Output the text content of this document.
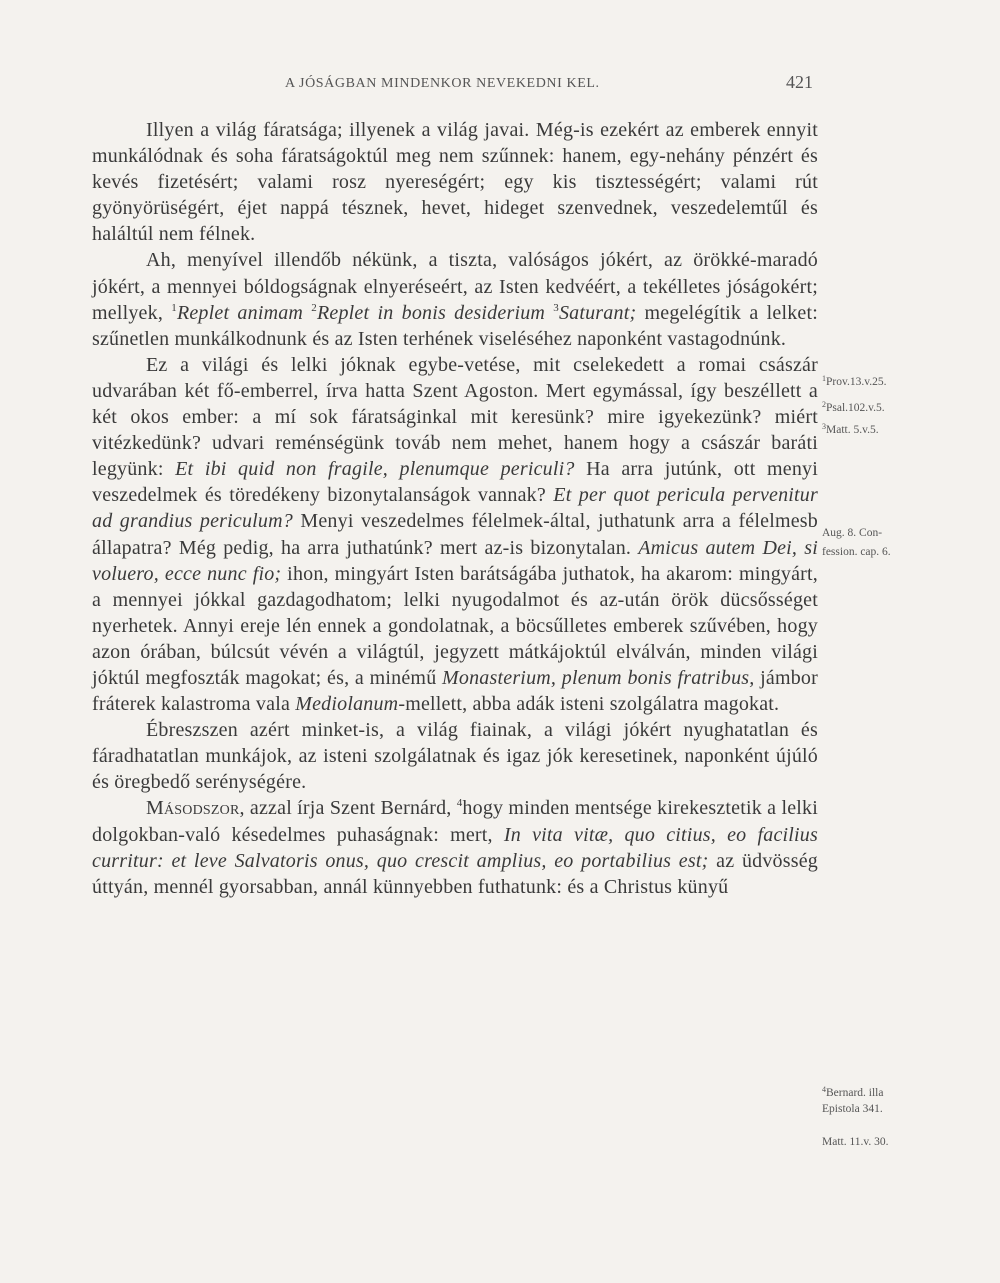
A JÓSÁGBAN MINDENKOR NEVEKEDNI KEL.	421

Illyen a világ fáratsága; illyenek a világ javai. Még-is ezekért az emberek ennyit munkálódnak és soha fáratságoktúl meg nem szűnnek: hanem, egy-nehány pénzért és kevés fizetésért; valami rosz nyereségért; egy kis tisztességért; valami rút gyönyörüségért, éjet nappá tésznek, hevet, hideget szenvednek, veszedelemtűl és haláltúl nem félnek.

Ah, menyível illendőb nékünk, a tiszta, valóságos jókért, az örökké-maradó jókért, a mennyei bóldogságnak elnyeréseért, az Isten kedvéért, a tekélletes jóságokért; mellyek, $^1$Replet animam $^2$Replet in bonis desiderium $^3$Saturant; megelégítik a lelket: szűnetlen munkálkodnunk és az Isten terhének viseléséhez naponként vastagodnúnk.

Ez a világi és lelki jóknak egybe-vetése, mit cselekedett a romai császár udvarában két fő-emberrel, írva hatta Szent Agoston. Mert egymással, így beszéllett a két okos ember: a mí sok fáratságinkal mit keresünk? mire igyekezünk? miért vitézkedünk? udvari reménségünk továb nem mehet, hanem hogy a császár baráti legyünk: Et ibi quid non fragile, plenumque periculi? Ha arra jutúnk, ott menyi veszedelmek és töredékeny bizonytalanságok vannak? Et per quot pericula pervenitur ad grandius periculum? Menyi veszedelmes félelmek-által, juthatunk arra a félelmesb állapatra? Még pedig, ha arra juthatúnk? mert az-is bizonytalan. Amicus autem Dei, si voluero, ecce nunc fio; ihon, mingyárt Isten barátságába juthatok, ha akarom: mingyárt, a mennyei jókkal gazdagodhatom; lelki nyugodalmot és az-után örök dücsősséget nyerhetek. Annyi ereje lén ennek a gondolatnak, a böcsűlletes emberek szűvében, hogy azon órában, búlcsút vévén a világtúl, jegyzett mátkájoktúl elválván, minden világi jóktúl megfoszták magokat; és, a minémű Monasterium, plenum bonis fratribus, jámbor fráterek kalastroma vala Mediolanum-mellett, abba adák isteni szolgálatra magokat.

Ébreszszen azért minket-is, a világ fiainak, a világi jókért nyughatatlan és fáradhatatlan munkájok, az isteni szolgálatnak és igaz jók keresetinek, naponként újúló és öregbedő serénységére.

Másodszor, azzal írja Szent Bernárd, $^4$hogy minden mentsége kirekesztetik a lelki dolgokban-való késedelmes puhaságnak: mert, In vita vitæ, quo citius, eo facilius curritur: et leve Salvatoris onus, quo crescit amplius, eo portabilius est; az üdvösség úttyán, mennél gyorsabban, annál künnyebben futhatunk: és a Christus künyű

$^1$Prov.13.v.25.
$^2$Psal.102.v.5.
$^3$Matt. 5.v.5.
Aug. 8. Con-
fession. cap. 6.
$^4$Bernard. illa
Epistola 341.
Matt. 11.v. 30.
